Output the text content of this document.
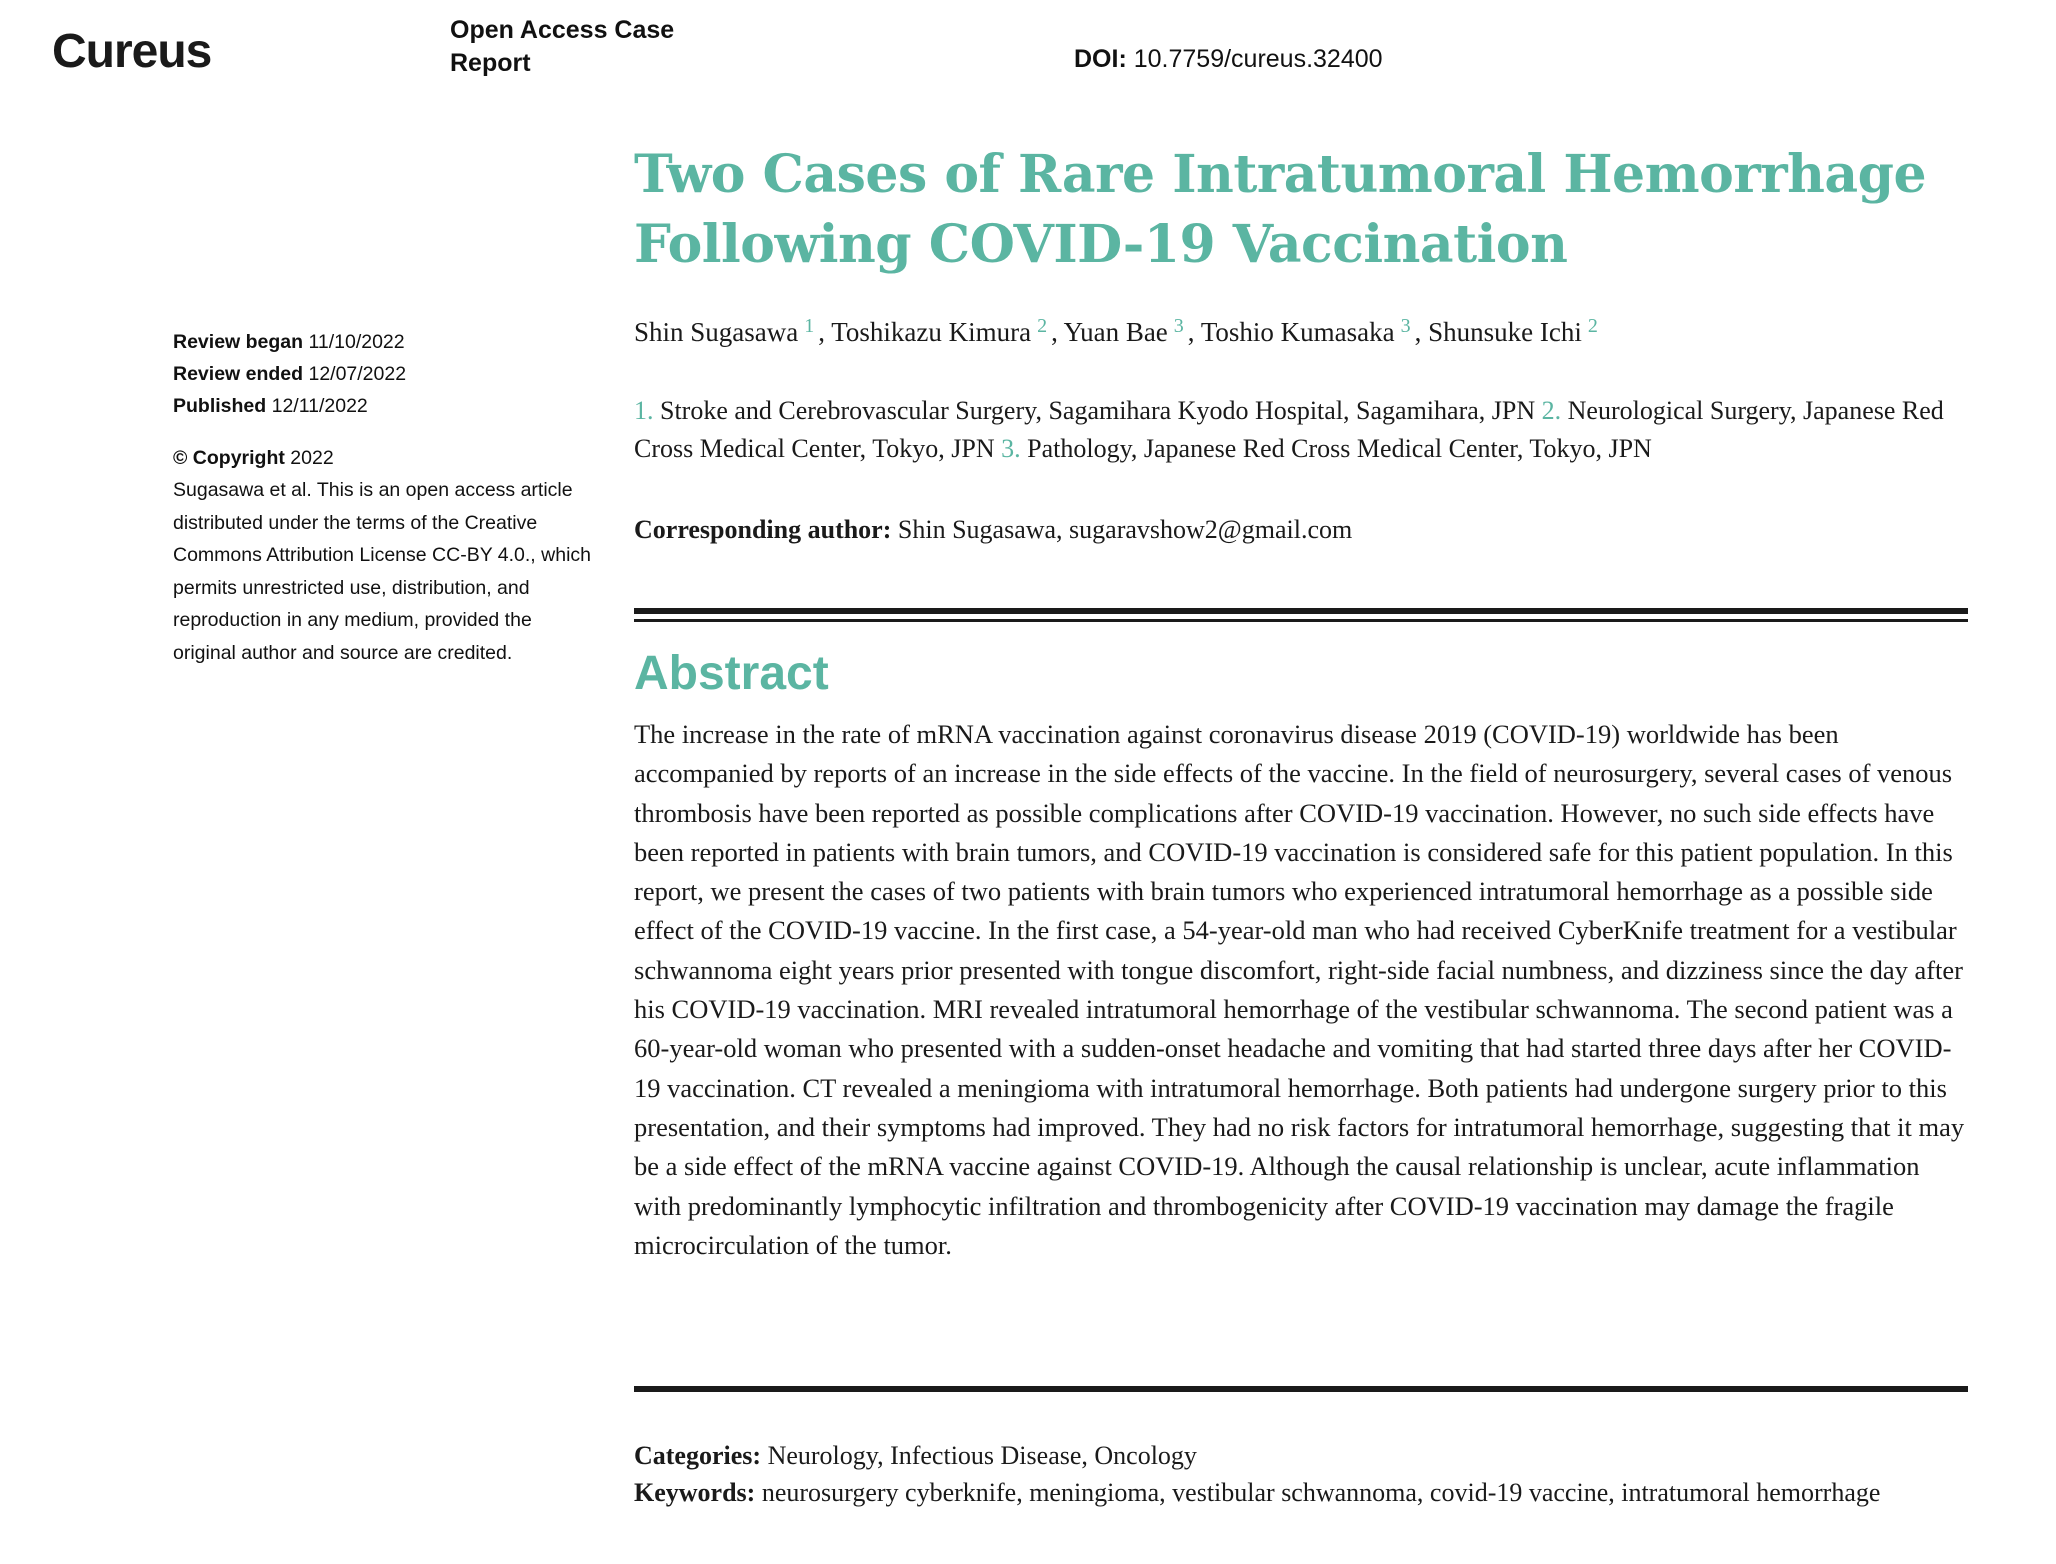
Cureus	Open Access Case Report	DOI: 10.7759/cureus.32400
Review began 11/10/2022
Review ended 12/07/2022
Published 12/11/2022
© Copyright 2022
Sugasawa et al. This is an open access article distributed under the terms of the Creative Commons Attribution License CC-BY 4.0., which permits unrestricted use, distribution, and reproduction in any medium, provided the original author and source are credited.
Two Cases of Rare Intratumoral Hemorrhage Following COVID-19 Vaccination
Shin Sugasawa $^1$ , Toshikazu Kimura $^2$ , Yuan Bae $^3$ , Toshio Kumasaka $^3$ , Shunsuke Ichi $^2$
1. Stroke and Cerebrovascular Surgery, Sagamihara Kyodo Hospital, Sagamihara, JPN 2. Neurological Surgery, Japanese Red Cross Medical Center, Tokyo, JPN 3. Pathology, Japanese Red Cross Medical Center, Tokyo, JPN
Corresponding author: Shin Sugasawa, sugaravshow2@gmail.com
Abstract

The increase in the rate of mRNA vaccination against coronavirus disease 2019 (COVID-19) worldwide has been accompanied by reports of an increase in the side effects of the vaccine. In the field of neurosurgery, several cases of venous thrombosis have been reported as possible complications after COVID-19 vaccination. However, no such side effects have been reported in patients with brain tumors, and COVID-19 vaccination is considered safe for this patient population. In this report, we present the cases of two patients with brain tumors who experienced intratumoral hemorrhage as a possible side effect of the COVID-19 vaccine. In the first case, a 54-year-old man who had received CyberKnife treatment for a vestibular schwannoma eight years prior presented with tongue discomfort, right-side facial numbness, and dizziness since the day after his COVID-19 vaccination. MRI revealed intratumoral hemorrhage of the vestibular schwannoma. The second patient was a 60-year-old woman who presented with a sudden-onset headache and vomiting that had started three days after her COVID-19 vaccination. CT revealed a meningioma with intratumoral hemorrhage. Both patients had undergone surgery prior to this presentation, and their symptoms had improved. They had no risk factors for intratumoral hemorrhage, suggesting that it may be a side effect of the mRNA vaccine against COVID-19. Although the causal relationship is unclear, acute inflammation with predominantly lymphocytic infiltration and thrombogenicity after COVID-19 vaccination may damage the fragile microcirculation of the tumor.

Categories: Neurology, Infectious Disease, Oncology
Keywords: neurosurgery cyberknife, meningioma, vestibular schwannoma, covid-19 vaccine, intratumoral hemorrhage
